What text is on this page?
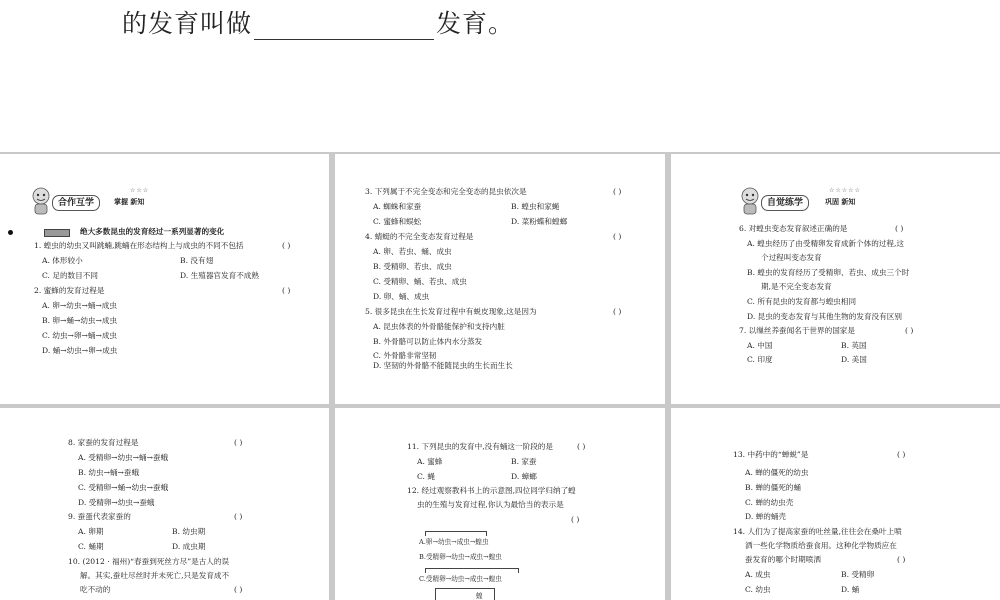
的发育叫做	发育。
合作互学
☆☆☆
掌握 新知
绝大多数昆虫的发育经过一系列显著的变化
1. 蝗虫的幼虫又叫跳蝻,跳蝻在形态结构上与成虫的不同不包括	( )
A. 体形较小	B. 没有翅
C. 足的数目不同	D. 生殖器官发育不成熟
2. 蜜蜂的发育过程是	( )
A. 卵→幼虫→蛹→成虫
B. 卵→蛹→幼虫→成虫
C. 幼虫→卵→蛹→成虫
D. 蛹→幼虫→卵→成虫
3. 下列属于不完全变态和完全变态的昆虫依次是	( )
A. 蜘蛛和家蚕	B. 蝗虫和家蝇
C. 蜜蜂和蜈蚣	D. 菜粉蝶和螳螂
4. 蜻蜓的不完全变态发育过程是	( )
A. 卵、若虫、蛹、成虫
B. 受精卵、若虫、成虫
C. 受精卵、蛹、若虫、成虫
D. 卵、蛹、成虫
5. 很多昆虫在生长发育过程中有蜕皮现象,这是因为	( )
A. 昆虫体表的外骨骼能保护和支持内脏
B. 外骨骼可以防止体内水分蒸发
C. 外骨骼非常坚韧
D. 坚韧的外骨骼不能随昆虫的生长而生长
自觉练学
☆☆☆☆☆
巩固 新知
6. 对蝗虫变态发育叙述正确的是	( )
A. 蝗虫经历了由受精卵发育成新个体的过程,这
个过程叫变态发育
B. 蝗虫的发育经历了受精卵、若虫、成虫三个时
期,是不完全变态发育
C. 所有昆虫的发育都与蝗虫相同
D. 昆虫的变态发育与其他生物的发育没有区别
7. 以缫丝养蚕闻名于世界的国家是	( )
A. 中国	B. 英国
C. 印度	D. 美国
8. 家蚕的发育过程是	( )
A. 受精卵→幼虫→蛹→蚕蛾
B. 幼虫→蛹→蚕蛾
C. 受精卵→蛹→幼虫→蚕蛾
D. 受精卵→幼虫→蚕蛾
9. 蚕蛋代表家蚕的	( )
A. 卵期	B. 幼虫期
C. 蛹期	D. 成虫期
10. (2012 · 福州)“春蚕到死丝方尽”是古人的误
解。其实,蚕吐尽丝时并未死亡,只是发育成不
吃不动的	( )
11. 下列昆虫的发育中,没有蛹这一阶段的是	( )
A. 蜜蜂	B. 家蚕
C. 蝇	D. 蟑螂
12. 经过观察教科书上的示意图,四位同学归纳了蝗
虫的生殖与发育过程,你认为最恰当的表示是
( )
A.卵→幼虫→成虫→蝗虫
B.受精卵→幼虫→成虫→蝗虫
C.受精卵→幼虫→成虫→蝗虫
蝗
13. 中药中的“蝉蜕”是	( )
A. 蝉的僵死的幼虫
B. 蝉的僵死的蛹
C. 蝉的幼虫壳
D. 蝉的蛹壳
14. 人们为了提高家蚕的吐丝量,往往会在桑叶上喷
洒一些化学物质给蚕食用。这种化学物质应在
蚕发育的哪个时期喷洒	( )
A. 成虫	B. 受精卵
C. 幼虫	D. 蛹
